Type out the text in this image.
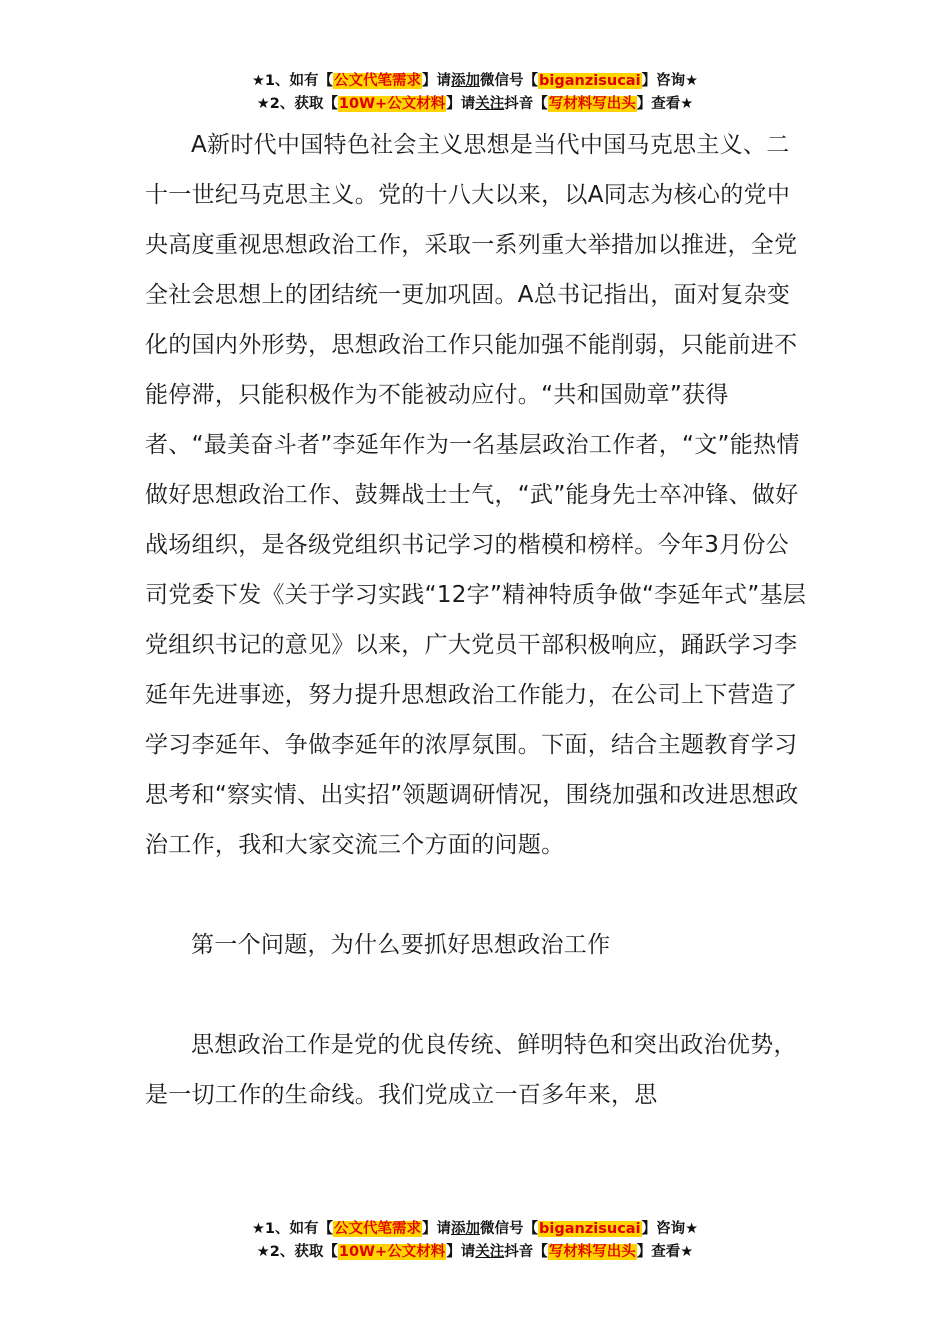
★1、如有【公文代笔需求】请添加微信号【biganzisucai】咨询★
★2、获取【10W+公文材料】请关注抖音【写材料写出头】查看★

A新时代中国特色社会主义思想是当代中国马克思主义、二十一世纪马克思主义。党的十八大以来，以A同志为核心的党中央高度重视思想政治工作，采取一系列重大举措加以推进，全党全社会思想上的团结统一更加巩固。A总书记指出，面对复杂变化的国内外形势，思想政治工作只能加强不能削弱，只能前进不能停滞，只能积极作为不能被动应付。“共和国勋章”获得者、“最美奋斗者”李延年作为一名基层政治工作者，“文”能热情做好思想政治工作、鼓舞战士士气，“武”能身先士卒冲锋、做好战场组织，是各级党组织书记学习的楷模和榜样。今年3月份公司党委下发《关于学习实践“12字”精神特质争做“李延年式”基层党组织书记的意见》以来，广大党员干部积极响应，踊跃学习李延年先进事迹，努力提升思想政治工作能力，在公司上下营造了学习李延年、争做李延年的浓厚氛围。下面，结合主题教育学习思考和“察实情、出实招”领题调研情况，围绕加强和改进思想政治工作，我和大家交流三个方面的问题。

第一个问题，为什么要抓好思想政治工作

思想政治工作是党的优良传统、鲜明特色和突出政治优势，是一切工作的生命线。我们党成立一百多年来，思

★1、如有【公文代笔需求】请添加微信号【biganzisucai】咨询★
★2、获取【10W+公文材料】请关注抖音【写材料写出头】查看★
